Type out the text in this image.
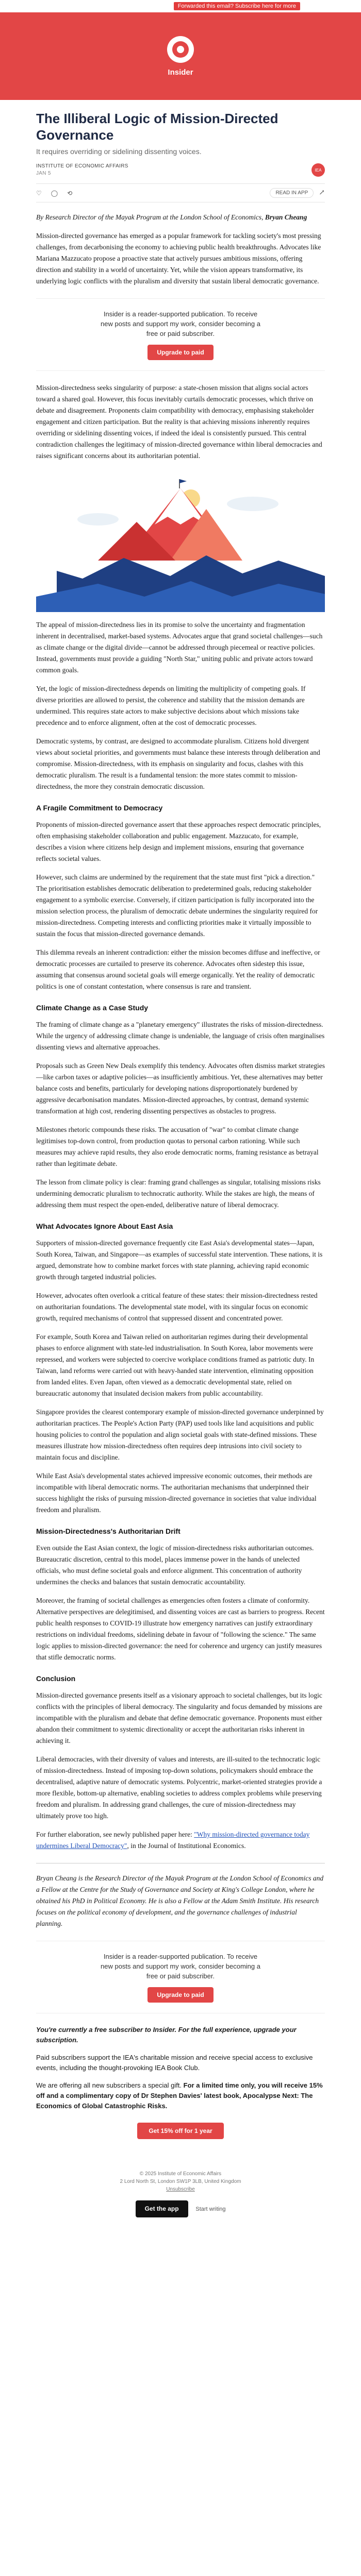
Forwarded this email? Subscribe here for more
Insider
The Illiberal Logic of Mission-Directed Governance
It requires overriding or sidelining dissenting voices.
INSTITUTE OF ECONOMIC AFFAIRS
JAN 5
IEA
♡ ◯ ⟲	READ IN APP	↗

By Research Director of the Mayak Program at the London School of Economics, Bryan Cheang

Mission-directed governance has emerged as a popular framework for tackling society's most pressing challenges, from decarbonising the economy to achieving public health breakthroughs. Advocates like Mariana Mazzucato propose a proactive state that actively pursues ambitious missions, offering direction and stability in a world of uncertainty. Yet, while the vision appears transformative, its underlying logic conflicts with the pluralism and diversity that sustain liberal democratic governance.

Insider is a reader-supported publication. To receive

new posts and support my work, consider becoming a

free or paid subscriber.

Upgrade to paid

Mission-directedness seeks singularity of purpose: a state-chosen mission that aligns social actors toward a shared goal. However, this focus inevitably curtails democratic processes, which thrive on debate and disagreement. Proponents claim compatibility with democracy, emphasising stakeholder engagement and citizen participation. But the reality is that achieving missions inherently requires overriding or sidelining dissenting voices, if indeed the ideal is consistently pursued. This central contradiction challenges the legitimacy of mission-directed governance within liberal democracies and raises significant concerns about its authoritarian potential.

The appeal of mission-directedness lies in its promise to solve the uncertainty and fragmentation inherent in decentralised, market-based systems. Advocates argue that grand societal challenges—such as climate change or the digital divide—cannot be addressed through piecemeal or reactive policies. Instead, governments must provide a guiding "North Star," uniting public and private actors toward common goals.

Yet, the logic of mission-directedness depends on limiting the multiplicity of competing goals. If diverse priorities are allowed to persist, the coherence and stability that the mission demands are undermined. This requires state actors to make subjective decisions about which missions take precedence and to enforce alignment, often at the cost of democratic processes.

Democratic systems, by contrast, are designed to accommodate pluralism. Citizens hold divergent views about societal priorities, and governments must balance these interests through deliberation and compromise. Mission-directedness, with its emphasis on singularity and focus, clashes with this democratic pluralism. The result is a fundamental tension: the more states commit to mission-directedness, the more they constrain democratic discussion.

A Fragile Commitment to Democracy

Proponents of mission-directed governance assert that these approaches respect democratic principles, often emphasising stakeholder collaboration and public engagement. Mazzucato, for example, describes a vision where citizens help design and implement missions, ensuring that governance reflects societal values.

However, such claims are undermined by the requirement that the state must first "pick a direction." The prioritisation establishes democratic deliberation to predetermined goals, reducing stakeholder engagement to a symbolic exercise. Conversely, if citizen participation is fully incorporated into the mission selection process, the pluralism of democratic debate undermines the singularity required for mission-directedness. Competing interests and conflicting priorities make it virtually impossible to sustain the focus that mission-directed governance demands.

This dilemma reveals an inherent contradiction: either the mission becomes diffuse and ineffective, or democratic processes are curtailed to preserve its coherence. Advocates often sidestep this issue, assuming that consensus around societal goals will emerge organically. Yet the reality of democratic politics is one of constant contestation, where consensus is rare and transient.

Climate Change as a Case Study

The framing of climate change as a "planetary emergency" illustrates the risks of mission-directedness. While the urgency of addressing climate change is undeniable, the language of crisis often marginalises dissenting views and alternative approaches.

Proposals such as Green New Deals exemplify this tendency. Advocates often dismiss market strategies—like carbon taxes or adaptive policies—as insufficiently ambitious. Yet, these alternatives may better balance costs and benefits, particularly for developing nations disproportionately burdened by aggressive decarbonisation mandates. Mission-directed approaches, by contrast, demand systemic transformation at high cost, rendering dissenting perspectives as obstacles to progress.

Milestones rhetoric compounds these risks. The accusation of "war" to combat climate change legitimises top-down control, from production quotas to personal carbon rationing. While such measures may achieve rapid results, they also erode democratic norms, framing resistance as betrayal rather than legitimate debate.

The lesson from climate policy is clear: framing grand challenges as singular, totalising missions risks undermining democratic pluralism to technocratic authority. While the stakes are high, the means of addressing them must respect the open-ended, deliberative nature of liberal democracy.

What Advocates Ignore About East Asia

Supporters of mission-directed governance frequently cite East Asia's developmental states—Japan, South Korea, Taiwan, and Singapore—as examples of successful state intervention. These nations, it is argued, demonstrate how to combine market forces with state planning, achieving rapid economic growth through targeted industrial policies.

However, advocates often overlook a critical feature of these states: their mission-directedness rested on authoritarian foundations. The developmental state model, with its singular focus on economic growth, required mechanisms of control that suppressed dissent and concentrated power.

For example, South Korea and Taiwan relied on authoritarian regimes during their developmental phases to enforce alignment with state-led industrialisation. In South Korea, labor movements were repressed, and workers were subjected to coercive workplace conditions framed as patriotic duty. In Taiwan, land reforms were carried out with heavy-handed state intervention, eliminating opposition from landed elites. Even Japan, often viewed as a democratic developmental state, relied on bureaucratic autonomy that insulated decision makers from public accountability.

Singapore provides the clearest contemporary example of mission-directed governance underpinned by authoritarian practices. The People's Action Party (PAP) used tools like land acquisitions and public housing policies to control the population and align societal goals with state-defined missions. These measures illustrate how mission-directedness often requires deep intrusions into civil society to maintain focus and discipline.

While East Asia's developmental states achieved impressive economic outcomes, their methods are incompatible with liberal democratic norms. The authoritarian mechanisms that underpinned their success highlight the risks of pursuing mission-directed governance in societies that value individual freedom and pluralism.

Mission-Directedness's Authoritarian Drift

Even outside the East Asian context, the logic of mission-directedness risks authoritarian outcomes. Bureaucratic discretion, central to this model, places immense power in the hands of unelected officials, who must define societal goals and enforce alignment. This concentration of authority undermines the checks and balances that sustain democratic accountability.

Moreover, the framing of societal challenges as emergencies often fosters a climate of conformity. Alternative perspectives are delegitimised, and dissenting voices are cast as barriers to progress. Recent public health responses to COVID-19 illustrate how emergency narratives can justify extraordinary restrictions on individual freedoms, sidelining debate in favour of "following the science." The same logic applies to mission-directed governance: the need for coherence and urgency can justify measures that stifle democratic norms.

Conclusion

Mission-directed governance presents itself as a visionary approach to societal challenges, but its logic conflicts with the principles of liberal democracy. The singularity and focus demanded by missions are incompatible with the pluralism and debate that define democratic governance. Proponents must either abandon their commitment to systemic directionality or accept the authoritarian risks inherent in achieving it.

Liberal democracies, with their diversity of values and interests, are ill-suited to the technocratic logic of mission-directedness. Instead of imposing top-down solutions, policymakers should embrace the decentralised, adaptive nature of democratic systems. Polycentric, market-oriented strategies provide a more flexible, bottom-up alternative, enabling societies to address complex problems while preserving freedom and pluralism. In addressing grand challenges, the cure of mission-directedness may ultimately prove too high.

For further elaboration, see newly published paper here: "Why mission-directed governance today undermines Liberal Democracy", in the Journal of Institutional Economics.

Bryan Cheang is the Research Director of the Mayak Program at the London School of Economics and a Fellow at the Centre for the Study of Governance and Society at King's College London, where he obtained his PhD in Political Economy. He is also a Fellow at the Adam Smith Institute. His research focuses on the political economy of development, and the governance challenges of industrial planning.

Insider is a reader-supported publication. To receive

new posts and support my work, consider becoming a

free or paid subscriber.

Upgrade to paid

You're currently a free subscriber to Insider. For the full experience, upgrade your subscription.

Paid subscribers support the IEA's charitable mission and receive special access to exclusive events, including the thought-provoking IEA Book Club.

We are offering all new subscribers a special gift. For a limited time only, you will receive 15% off and a complimentary copy of Dr Stephen Davies' latest book, Apocalypse Next: The Economics of Global Catastrophic Risks.

Get 15% off for 1 year
© 2025 Institute of Economic Affairs
2 Lord North St, London SW1P 3LB, United Kingdom
Unsubscribe
Get the app	Start writing
